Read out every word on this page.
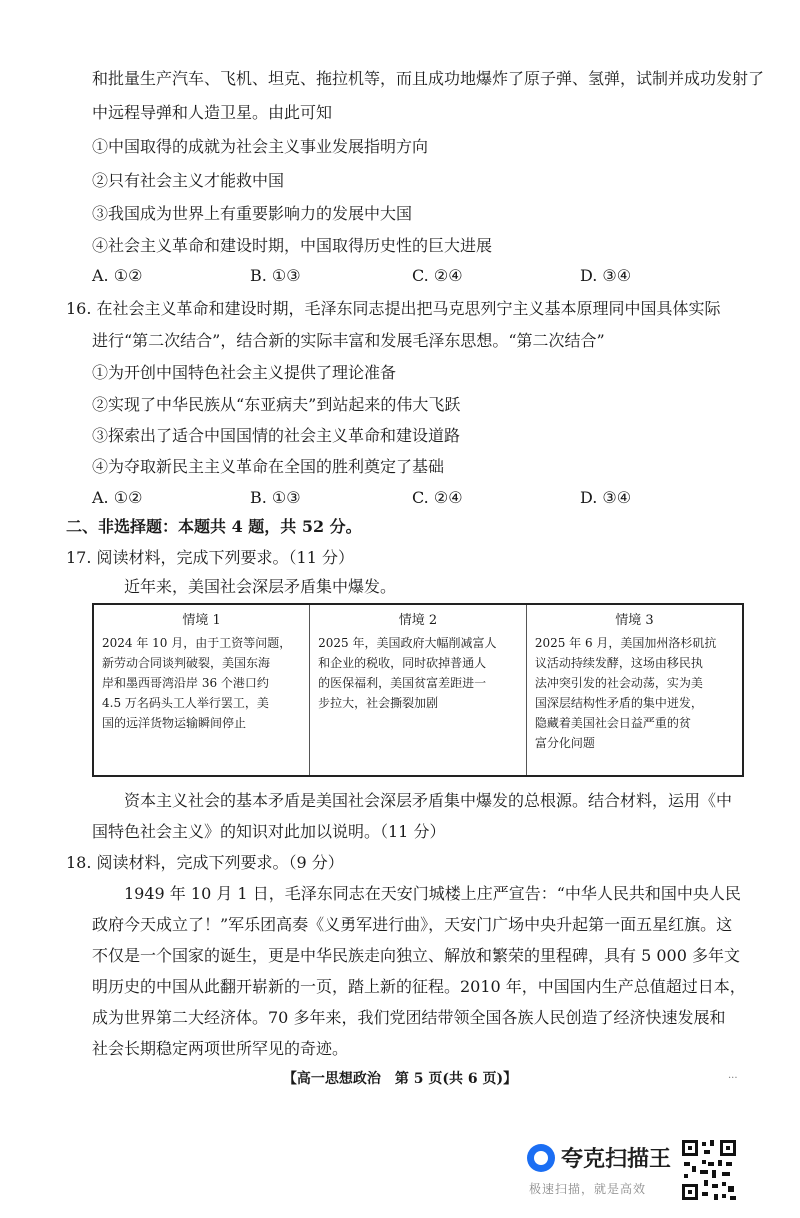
和批量生产汽车、飞机、坦克、拖拉机等，而且成功地爆炸了原子弹、氢弹，试制并成功发射了
中远程导弹和人造卫星。由此可知
①中国取得的成就为社会主义事业发展指明方向
②只有社会主义才能救中国
③我国成为世界上有重要影响力的发展中大国
④社会主义革命和建设时期，中国取得历史性的巨大进展
A. ①②	B. ①③	C. ②④	D. ③④
16. 在社会主义革命和建设时期，毛泽东同志提出把马克思列宁主义基本原理同中国具体实际
进行“第二次结合”，结合新的实际丰富和发展毛泽东思想。“第二次结合”
①为开创中国特色社会主义提供了理论准备
②实现了中华民族从“东亚病夫”到站起来的伟大飞跃
③探索出了适合中国国情的社会主义革命和建设道路
④为夺取新民主主义革命在全国的胜利奠定了基础
A. ①②	B. ①③	C. ②④	D. ③④
二、非选择题：本题共 4 题，共 52 分。
17. 阅读材料，完成下列要求。（11 分）
近年来，美国社会深层矛盾集中爆发。
情境 1
2024 年 10 月，由于工资等问题，
新劳动合同谈判破裂，美国东海
岸和墨西哥湾沿岸 36 个港口约
4.5 万名码头工人举行罢工，美
国的远洋货物运输瞬间停止

情境 2
2025 年，美国政府大幅削减富人
和企业的税收，同时砍掉普通人
的医保福利，美国贫富差距进一
步拉大，社会撕裂加剧

情境 3
2025 年 6 月，美国加州洛杉矶抗
议活动持续发酵，这场由移民执
法冲突引发的社会动荡，实为美
国深层结构性矛盾的集中迸发，
隐藏着美国社会日益严重的贫
富分化问题
资本主义社会的基本矛盾是美国社会深层矛盾集中爆发的总根源。结合材料，运用《中
国特色社会主义》的知识对此加以说明。（11 分）
18. 阅读材料，完成下列要求。（9 分）
1949 年 10 月 1 日，毛泽东同志在天安门城楼上庄严宣告：“中华人民共和国中央人民
政府今天成立了！”军乐团高奏《义勇军进行曲》，天安门广场中央升起第一面五星红旗。这
不仅是一个国家的诞生，更是中华民族走向独立、解放和繁荣的里程碑，具有 5 000 多年文
明历史的中国从此翻开崭新的一页，踏上新的征程。2010 年，中国国内生产总值超过日本，
成为世界第二大经济体。70 多年来，我们党团结带领全国各族人民创造了经济快速发展和
社会长期稳定两项世所罕见的奇迹。
【高一思想政治　第 5 页(共 6 页)】	...
夸克扫描王
极速扫描，就是高效
